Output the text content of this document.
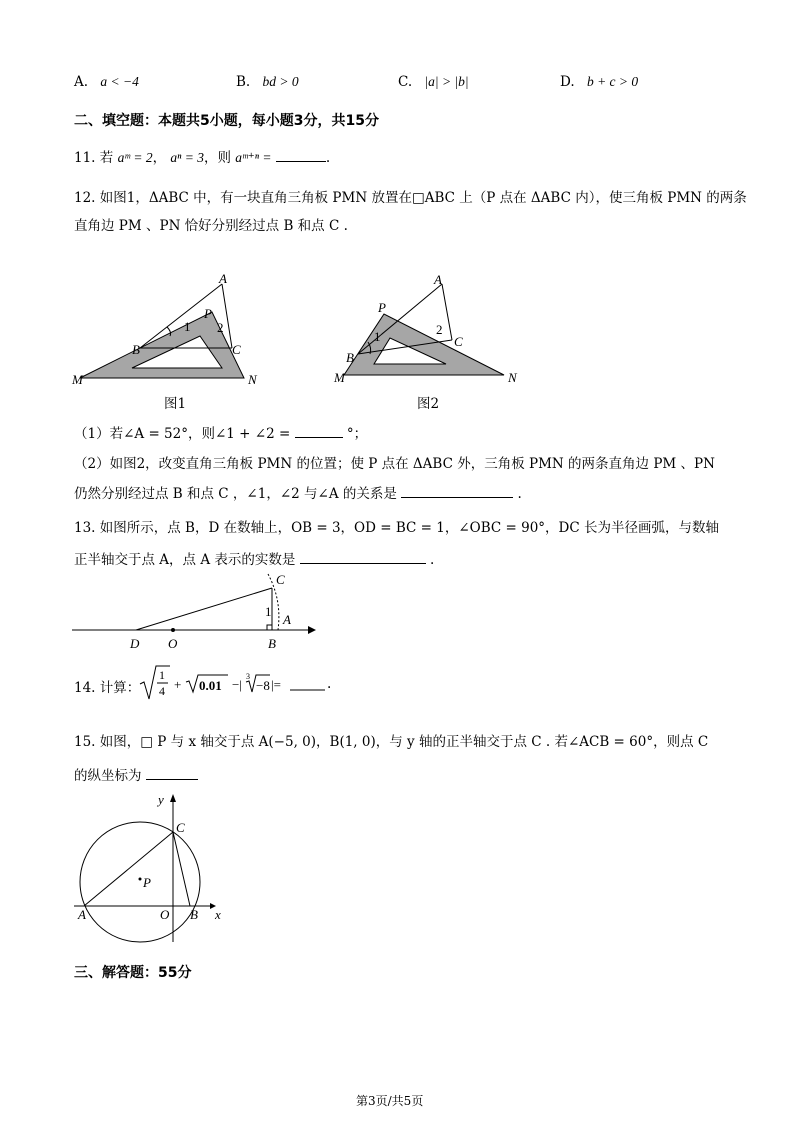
A. a < −4	B. bd > 0	C. |a| > |b|	D. b + c > 0
二、填空题：本题共5小题，每小题3分，共15分
11. 若 aᵐ = 2， aⁿ = 3，则 aᵐ⁺ⁿ =	.
12. 如图1，ΔABC 中，有一块直角三角板 PMN 放置在□ABC 上（P 点在 ΔABC 内），使三角板 PMN 的两条
直角边 PM 、PN 恰好分别经过点 B 和点 C .
A
P
1 2
B	C
M	N
图1
A
P
1	2
B
C
M	N
图2
（1）若∠A = 52°，则∠1 + ∠2 =	°；
（2）如图2，改变直角三角板 PMN 的位置；使 P 点在 ΔABC 外，三角板 PMN 的两条直角边 PM 、PN
仍然分别经过点 B 和点 C ，∠1，∠2 与∠A 的关系是	.
13. 如图所示，点 B，D 在数轴上，OB = 3，OD = BC = 1，∠OBC = 90°，DC 长为半径画弧，与数轴
正半轴交于点 A，点 A 表示的实数是	.
C
1
A
D O	B
14. 计算：
1
4 + 0.01 −|
3
−8 |=	.
15. 如图，□ P 与 x 轴交于点 A(−5, 0)，B(1, 0)，与 y 轴的正半轴交于点 C . 若∠ACB = 60°，则点 C
的纵坐标为
y
C
P
A	O B x
三、解答题：55分
第3页/共5页
